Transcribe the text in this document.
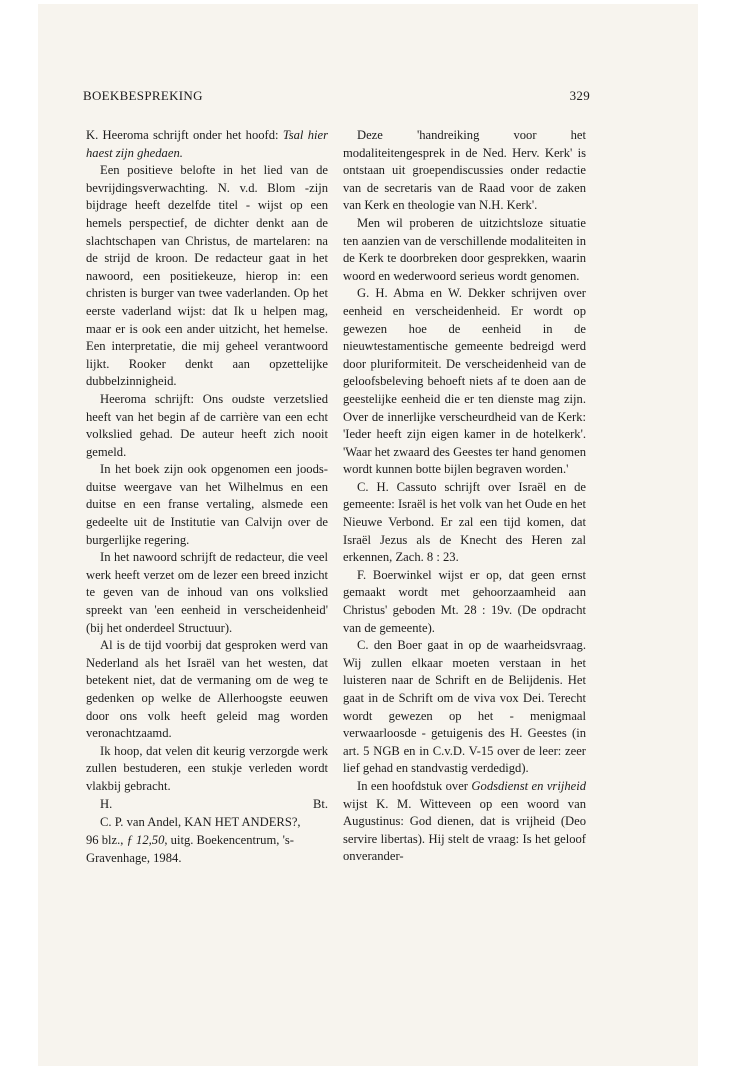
BOEKBESPREKING	329

K. Heeroma schrijft onder het hoofd: Tsal hier haest zijn ghedaen.

Een positieve belofte in het lied van de bevrijdingsverwachting. N. v.d. Blom -zijn bijdrage heeft dezelfde titel - wijst op een hemels perspectief, de dichter denkt aan de slachtschapen van Christus, de martelaren: na de strijd de kroon. De redacteur gaat in het nawoord, een positiekeuze, hierop in: een christen is burger van twee vaderlanden. Op het eerste vaderland wijst: dat Ik u helpen mag, maar er is ook een ander uitzicht, het hemelse. Een interpretatie, die mij geheel verantwoord lijkt. Rooker denkt aan opzettelijke dubbelzinnigheid.

Heeroma schrijft: Ons oudste verzetslied heeft van het begin af de carrière van een echt volkslied gehad. De auteur heeft zich nooit gemeld.

In het boek zijn ook opgenomen een joods-duitse weergave van het Wilhelmus en een duitse en een franse vertaling, alsmede een gedeelte uit de Institutie van Calvijn over de burgerlijke regering.

In het nawoord schrijft de redacteur, die veel werk heeft verzet om de lezer een breed inzicht te geven van de inhoud van ons volkslied spreekt van 'een eenheid in verscheidenheid' (bij het onderdeel Structuur).

Al is de tijd voorbij dat gesproken werd van Nederland als het Israël van het westen, dat betekent niet, dat de vermaning om de weg te gedenken op welke de Allerhoogste eeuwen door ons volk heeft geleid mag worden veronachtzaamd.

Ik hoop, dat velen dit keurig verzorgde werk zullen bestuderen, een stukje verleden wordt vlakbij gebracht.

H.	Bt.

C. P. van Andel, KAN HET ANDERS?, 96 blz., ƒ 12,50, uitg. Boekencentrum, 's-Gravenhage, 1984.

Deze 'handreiking voor het modaliteitengesprek in de Ned. Herv. Kerk' is ontstaan uit groependiscussies onder redactie van de secretaris van de Raad voor de zaken van Kerk en theologie van N.H. Kerk'.

Men wil proberen de uitzichtsloze situatie ten aanzien van de verschillende modaliteiten in de Kerk te doorbreken door gesprekken, waarin woord en wederwoord serieus wordt genomen.

G. H. Abma en W. Dekker schrijven over eenheid en verscheidenheid. Er wordt op gewezen hoe de eenheid in de nieuwtestamentische gemeente bedreigd werd door pluriformiteit. De verscheidenheid van de geloofsbeleving behoeft niets af te doen aan de geestelijke eenheid die er ten dienste mag zijn. Over de innerlijke verscheurdheid van de Kerk: 'Ieder heeft zijn eigen kamer in de hotelkerk'. 'Waar het zwaard des Geestes ter hand genomen wordt kunnen botte bijlen begraven worden.'

C. H. Cassuto schrijft over Israël en de gemeente: Israël is het volk van het Oude en het Nieuwe Verbond. Er zal een tijd komen, dat Israël Jezus als de Knecht des Heren zal erkennen, Zach. 8 : 23.

F. Boerwinkel wijst er op, dat geen ernst gemaakt wordt met gehoorzaamheid aan Christus' geboden Mt. 28 : 19v. (De opdracht van de gemeente).

C. den Boer gaat in op de waarheidsvraag. Wij zullen elkaar moeten verstaan in het luisteren naar de Schrift en de Belijdenis. Het gaat in de Schrift om de viva vox Dei. Terecht wordt gewezen op het - menigmaal verwaarloosde - getuigenis des H. Geestes (in art. 5 NGB en in C.v.D. V-15 over de leer: zeer lief gehad en standvastig verdedigd).

In een hoofdstuk over Godsdienst en vrijheid wijst K. M. Witteveen op een woord van Augustinus: God dienen, dat is vrijheid (Deo servire libertas). Hij stelt de vraag: Is het geloof onverander-
